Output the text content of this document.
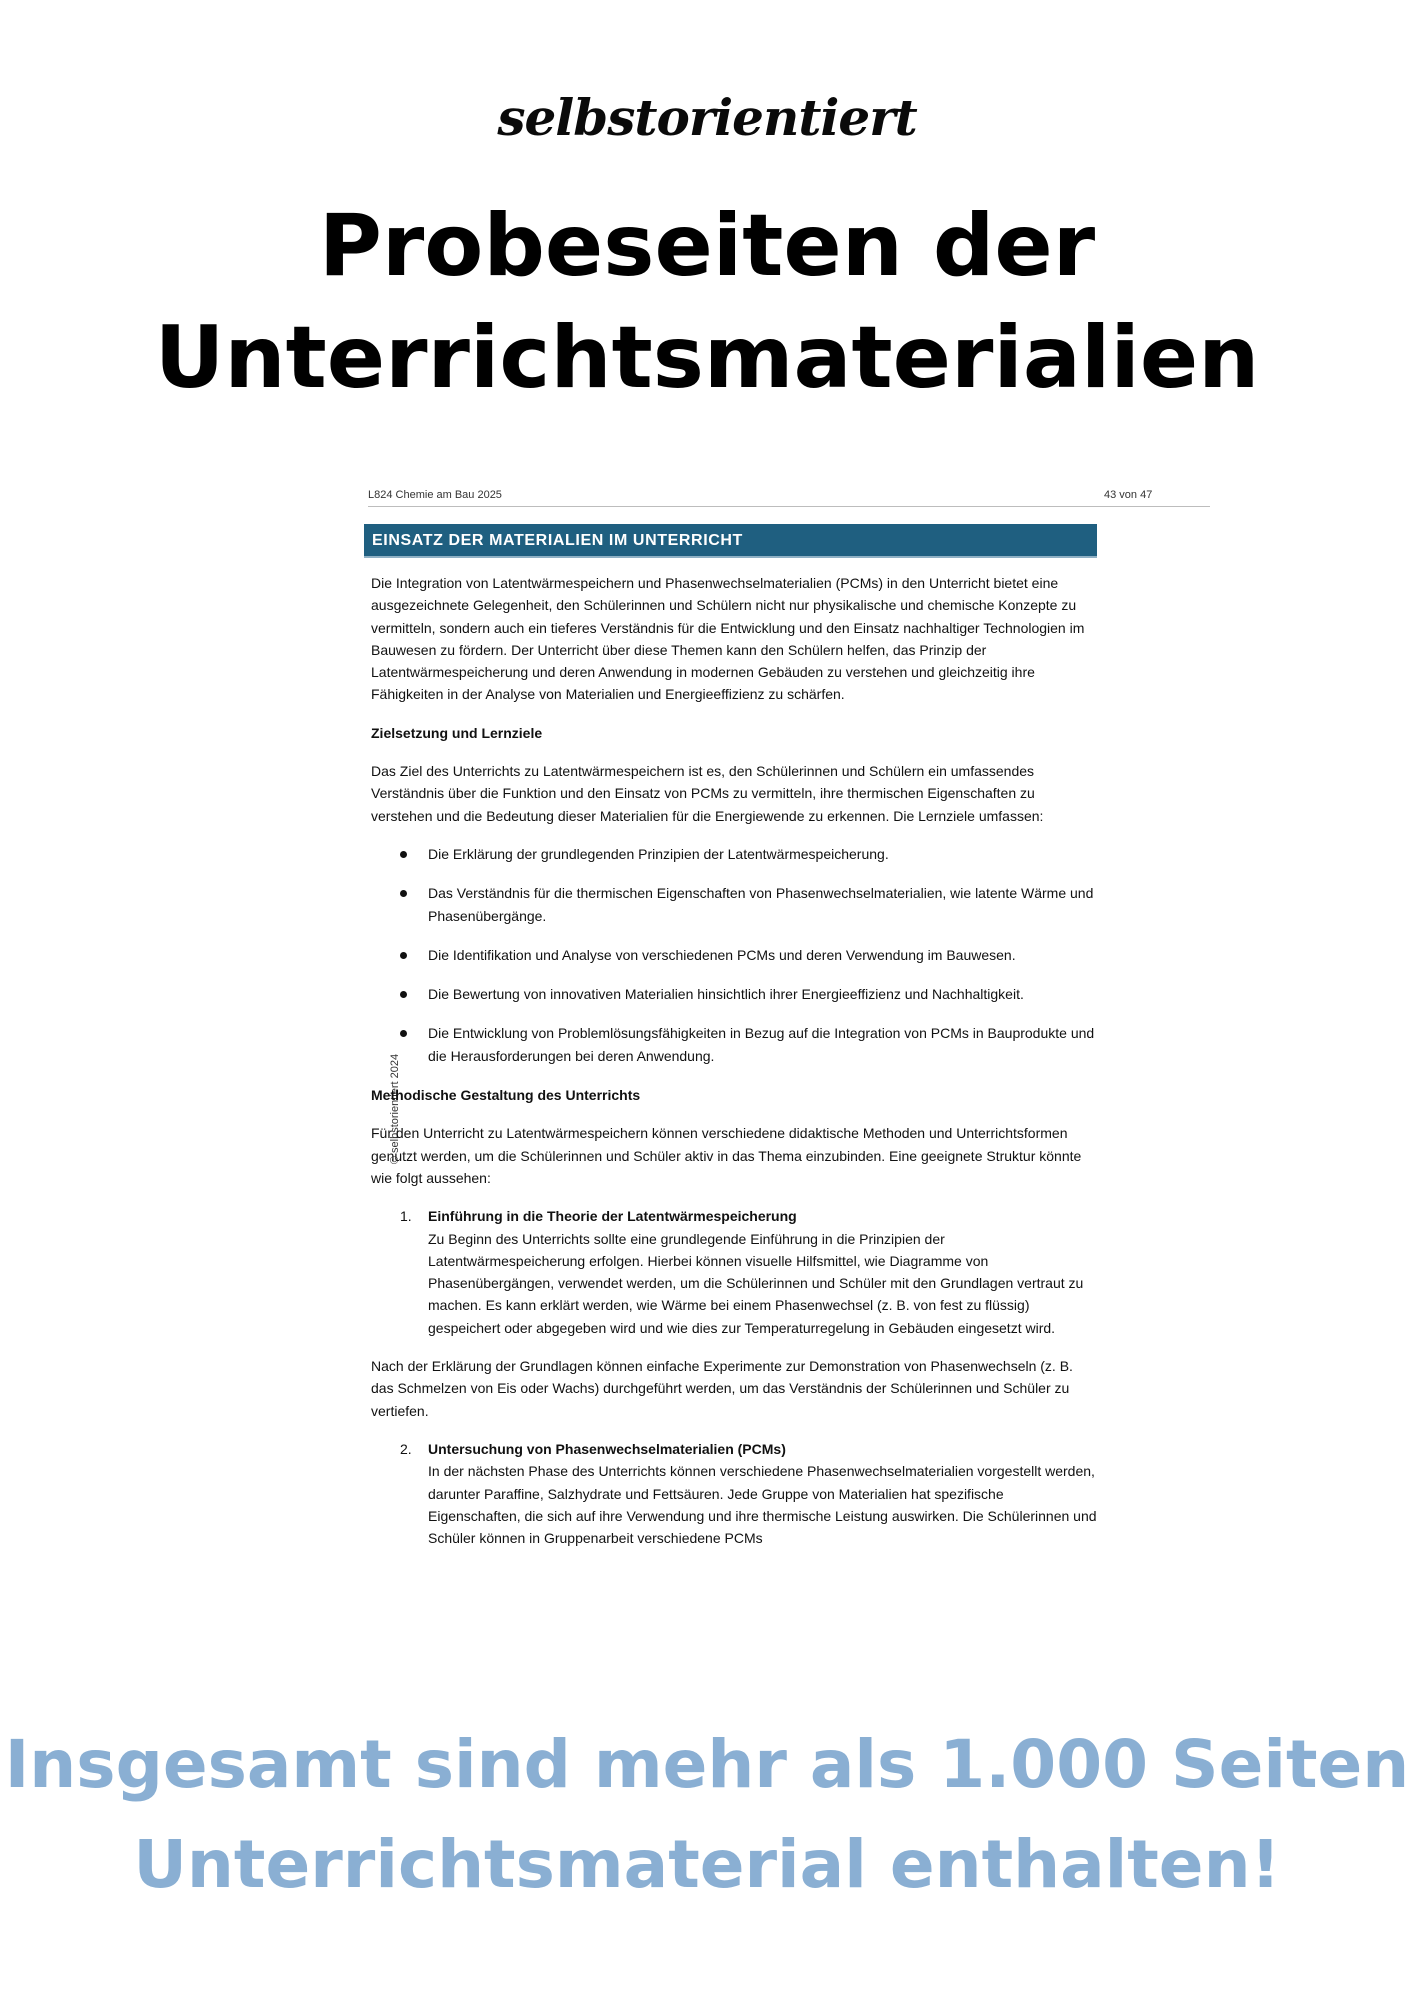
selbstorientiert
Probeseiten der
Unterrichtsmaterialien
L824 Chemie am Bau 2025	43 von 47
© selbstorientiert 2024
EINSATZ DER MATERIALIEN IM UNTERRICHT

Die Integration von Latentwärmespeichern und Phasenwechselmaterialien (PCMs) in den Unterricht bietet eine ausgezeichnete Gelegenheit, den Schülerinnen und Schülern nicht nur physikalische und chemische Konzepte zu vermitteln, sondern auch ein tieferes Verständnis für die Entwicklung und den Einsatz nachhaltiger Technologien im Bauwesen zu fördern. Der Unterricht über diese Themen kann den Schülern helfen, das Prinzip der Latentwärmespeicherung und deren Anwendung in modernen Gebäuden zu verstehen und gleichzeitig ihre Fähigkeiten in der Analyse von Materialien und Energieeffizienz zu schärfen.

Zielsetzung und Lernziele

Das Ziel des Unterrichts zu Latentwärmespeichern ist es, den Schülerinnen und Schülern ein umfassendes Verständnis über die Funktion und den Einsatz von PCMs zu vermitteln, ihre thermischen Eigenschaften zu verstehen und die Bedeutung dieser Materialien für die Energiewende zu erkennen. Die Lernziele umfassen:

Die Erklärung der grundlegenden Prinzipien der Latentwärmespeicherung.
Das Verständnis für die thermischen Eigenschaften von Phasenwechselmaterialien, wie latente Wärme und Phasenübergänge.
Die Identifikation und Analyse von verschiedenen PCMs und deren Verwendung im Bauwesen.
Die Bewertung von innovativen Materialien hinsichtlich ihrer Energieeffizienz und Nachhaltigkeit.
Die Entwicklung von Problemlösungsfähigkeiten in Bezug auf die Integration von PCMs in Bauprodukte und die Herausforderungen bei deren Anwendung.
Methodische Gestaltung des Unterrichts

Für den Unterricht zu Latentwärmespeichern können verschiedene didaktische Methoden und Unterrichtsformen genutzt werden, um die Schülerinnen und Schüler aktiv in das Thema einzubinden. Eine geeignete Struktur könnte wie folgt aussehen:

1. Einführung in die Theorie der Latentwärmespeicherung
Zu Beginn des Unterrichts sollte eine grundlegende Einführung in die Prinzipien der Latentwärmespeicherung erfolgen. Hierbei können visuelle Hilfsmittel, wie Diagramme von Phasenübergängen, verwendet werden, um die Schülerinnen und Schüler mit den Grundlagen vertraut zu machen. Es kann erklärt werden, wie Wärme bei einem Phasenwechsel (z. B. von fest zu flüssig) gespeichert oder abgegeben wird und wie dies zur Temperaturregelung in Gebäuden eingesetzt wird.

Nach der Erklärung der Grundlagen können einfache Experimente zur Demonstration von Phasenwechseln (z. B. das Schmelzen von Eis oder Wachs) durchgeführt werden, um das Verständnis der Schülerinnen und Schüler zu vertiefen.

2. Untersuchung von Phasenwechselmaterialien (PCMs)
In der nächsten Phase des Unterrichts können verschiedene Phasenwechselmaterialien vorgestellt werden, darunter Paraffine, Salzhydrate und Fettsäuren. Jede Gruppe von Materialien hat spezifische Eigenschaften, die sich auf ihre Verwendung und ihre thermische Leistung auswirken. Die Schülerinnen und Schüler können in Gruppenarbeit verschiedene PCMs
Insgesamt sind mehr als 1.000 Seiten
Unterrichtsmaterial enthalten!
